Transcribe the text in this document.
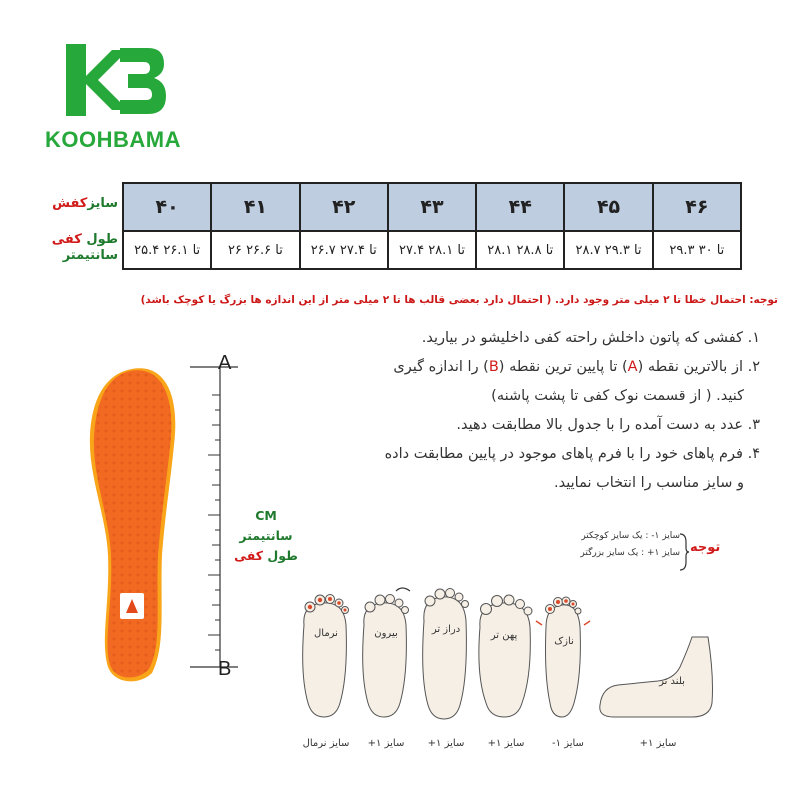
KOOHBAMA
۴۰	۴۱	۴۲	۴۳	۴۴	۴۵	۴۶
۲۵.۴ تا ۲۶.۱	۲۶ تا ۲۶.۶	۲۶.۷ تا ۲۷.۴	۲۷.۴ تا ۲۸.۱	۲۸.۱ تا ۲۸.۸	۲۸.۷ تا ۲۹.۳	۲۹.۳ تا ۳۰
سایزکفش
طول کفی
سانتیمتر
توجه: احتمال خطا تا ۲ میلی متر وجود دارد. ( احتمال دارد بعضی قالب ها تا ۲ میلی متر از این اندازه ها بزرگ یا کوچک باشد)

۱. کفشی که پاتون داخلش راحته کفی داخلیشو در بیارید.

۲. از بالاترین نقطه (A) تا پایین ترین نقطه (B) را اندازه گیری

کنید. ( از قسمت نوک کفی تا پشت پاشنه)

۳. عدد به دست آمده را با جدول بالا مطابقت دهید.

۴. فرم پاهای خود را با فرم پاهای موجود در پایین مطابقت داده

و سایز مناسب را انتخاب نمایید.

A
B
CM
سانتیمتر
طول کفی
توجه
سایز ۱- : یک سایز کوچکتر
سایز ۱+ : یک سایز بزرگتر
نرمال	بیرون	دراز تر
پهن تر
نازک
بلند تر
سایز نرمال	سایز ۱+	سایز ۱+	سایز ۱+	سایز ۱-	سایز ۱+
